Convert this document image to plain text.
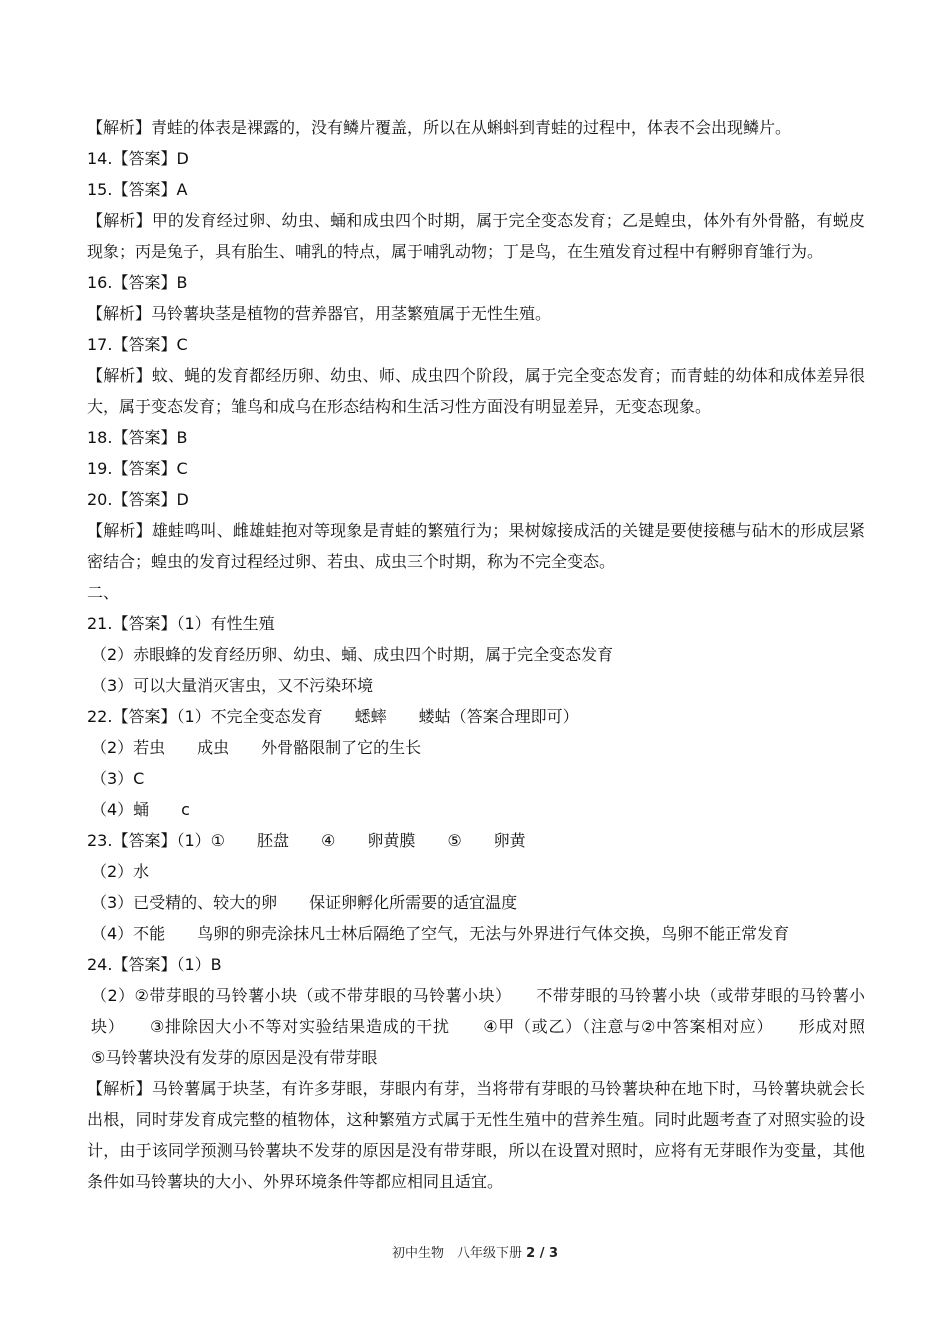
【解析】青蛙的体表是裸露的，没有鳞片覆盖，所以在从蝌蚪到青蛙的过程中，体表不会出现鳞片。
14.【答案】D
15.【答案】A
【解析】甲的发育经过卵、幼虫、蛹和成虫四个时期，属于完全变态发育；乙是蝗虫，体外有外骨骼，有蜕皮现象；丙是兔子，具有胎生、哺乳的特点，属于哺乳动物；丁是鸟，在生殖发育过程中有孵卵育雏行为。
16.【答案】B
【解析】马铃薯块茎是植物的营养器官，用茎繁殖属于无性生殖。
17.【答案】C
【解析】蚊、蝇的发育都经历卵、幼虫、师、成虫四个阶段，属于完全变态发育；而青蛙的幼体和成体差异很大，属于变态发育；雏鸟和成乌在形态结构和生活习性方面没有明显差异，无变态现象。
18.【答案】B
19.【答案】C
20.【答案】D
【解析】雄蛙鸣叫、雌雄蛙抱对等现象是青蛙的繁殖行为；果树嫁接成活的关键是要使接穗与砧木的形成层紧密结合；蝗虫的发育过程经过卵、若虫、成虫三个时期，称为不完全变态。
二、
21.【答案】（1）有性生殖
（2）赤眼蜂的发育经历卵、幼虫、蛹、成虫四个时期，属于完全变态发育
（3）可以大量消灭害虫，又不污染环境
22.【答案】（1）不完全变态发育　　蟋蟀　　蝼蛄（答案合理即可）
（2）若虫　　成虫　　外骨骼限制了它的生长
（3）C
（4）蛹　　c
23.【答案】（1）①　　胚盘　　④　　卵黄膜　　⑤　　卵黄
（2）水
（3）已受精的、较大的卵　　保证卵孵化所需要的适宜温度
（4）不能　　鸟卵的卵壳涂抹凡士林后隔绝了空气，无法与外界进行气体交换，鸟卵不能正常发育
24.【答案】（1）B
（2）②带芽眼的马铃薯小块（或不带芽眼的马铃薯小块）　　不带芽眼的马铃薯小块（或带芽眼的马铃薯小块）　　③排除因大小不等对实验结果造成的干扰　　④甲（或乙）（注意与②中答案相对应）　　形成对照　　⑤马铃薯块没有发芽的原因是没有带芽眼
【解析】马铃薯属于块茎，有许多芽眼，芽眼内有芽，当将带有芽眼的马铃薯块种在地下时，马铃薯块就会长出根，同时芽发育成完整的植物体，这种繁殖方式属于无性生殖中的营养生殖。同时此题考查了对照实验的设计，由于该同学预测马铃薯块不发芽的原因是没有带芽眼，所以在设置对照时，应将有无芽眼作为变量，其他条件如马铃薯块的大小、外界环境条件等都应相同且适宜。
初中生物　八年级下册 2 / 3
